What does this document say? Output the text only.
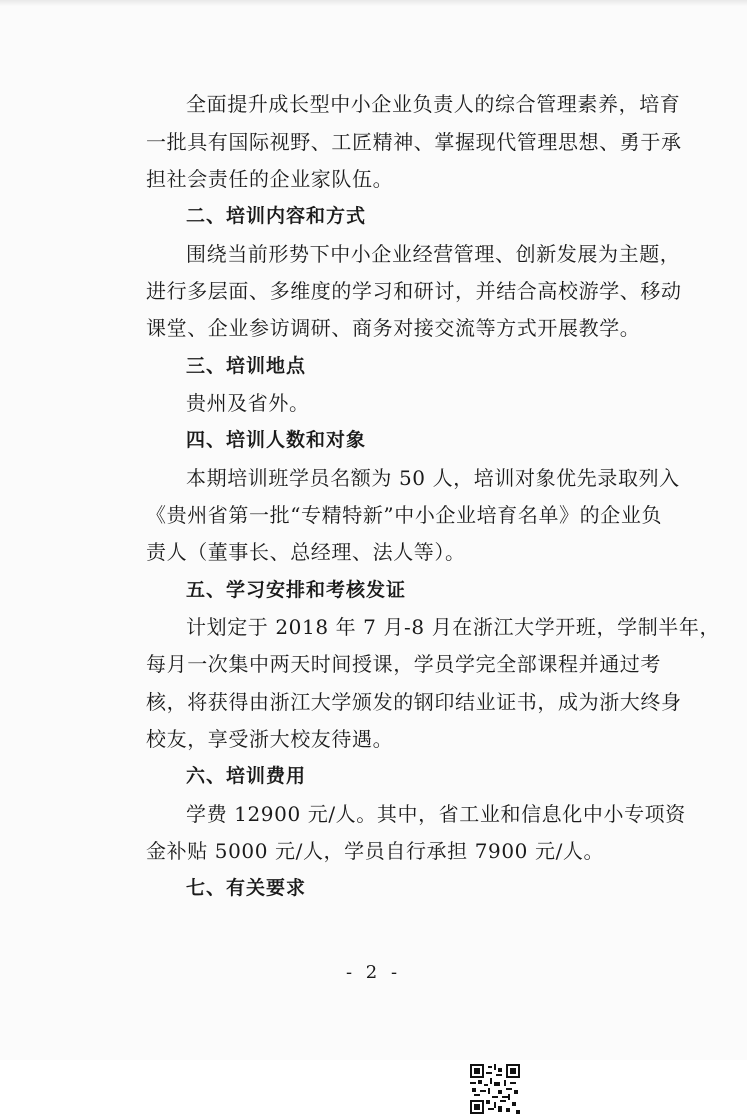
全面提升成长型中小企业负责人的综合管理素养，培育
一批具有国际视野、工匠精神、掌握现代管理思想、勇于承
担社会责任的企业家队伍。
二、培训内容和方式
围绕当前形势下中小企业经营管理、创新发展为主题，
进行多层面、多维度的学习和研讨，并结合高校游学、移动
课堂、企业参访调研、商务对接交流等方式开展教学。
三、培训地点
贵州及省外。
四、培训人数和对象
本期培训班学员名额为 50 人，培训对象优先录取列入
《贵州省第一批“专精特新”中小企业培育名单》的企业负
责人（董事长、总经理、法人等）。
五、学习安排和考核发证
计划定于 2018 年 7 月-8 月在浙江大学开班，学制半年，
每月一次集中两天时间授课，学员学完全部课程并通过考
核，将获得由浙江大学颁发的钢印结业证书，成为浙大终身
校友，享受浙大校友待遇。
六、培训费用
学费 12900 元/人。其中，省工业和信息化中小专项资
金补贴 5000 元/人，学员自行承担 7900 元/人。
七、有关要求
- 2 -
